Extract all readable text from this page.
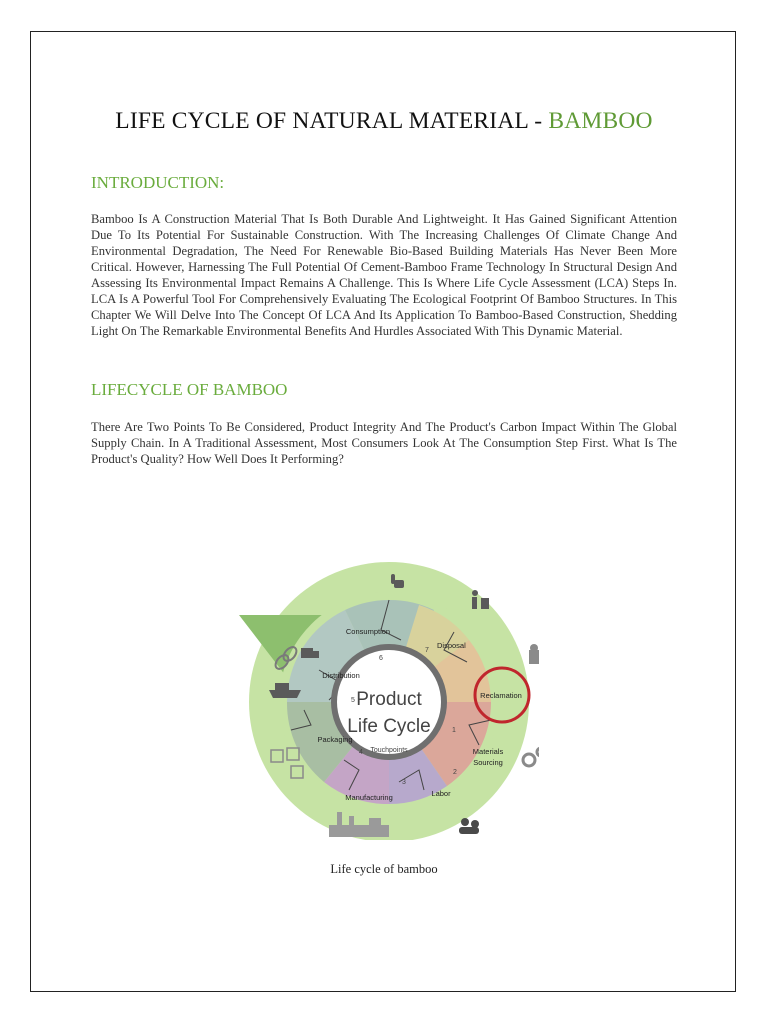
LIFE CYCLE OF NATURAL MATERIAL - BAMBOO
INTRODUCTION:

Bamboo Is A Construction Material That Is Both Durable And Lightweight. It Has Gained Significant Attention Due To Its Potential For Sustainable Construction. With The Increasing Challenges Of Climate Change And Environmental Degradation, The Need For Renewable Bio-Based Building Materials Has Never Been More Critical. However, Harnessing The Full Potential Of Cement-Bamboo Frame Technology In Structural Design And Assessing Its Environmental Impact Remains A Challenge. This Is Where Life Cycle Assessment (LCA) Steps In. LCA Is A Powerful Tool For Comprehensively Evaluating The Ecological Footprint Of Bamboo Structures. In This Chapter We Will Delve Into The Concept Of LCA And Its Application To Bamboo-Based Construction, Shedding Light On The Remarkable Environmental Benefits And Hurdles Associated With This Dynamic Material.

LIFECYCLE OF BAMBOO

There Are Two Points To Be Considered, Product Integrity And The Product's Carbon Impact Within The Global Supply Chain. In A Traditional Assessment, Most Consumers Look At The Consumption Step First. What Is The Product's Quality? How Well Does It Performing?

Product
Life Cycle
Touchpoints
Consumption
6
Disposal
7
Reclamation
Materials
Sourcing
1
Labor
2
Manufacturing
3
Packaging
4
Distribution
5
Life cycle of bamboo
